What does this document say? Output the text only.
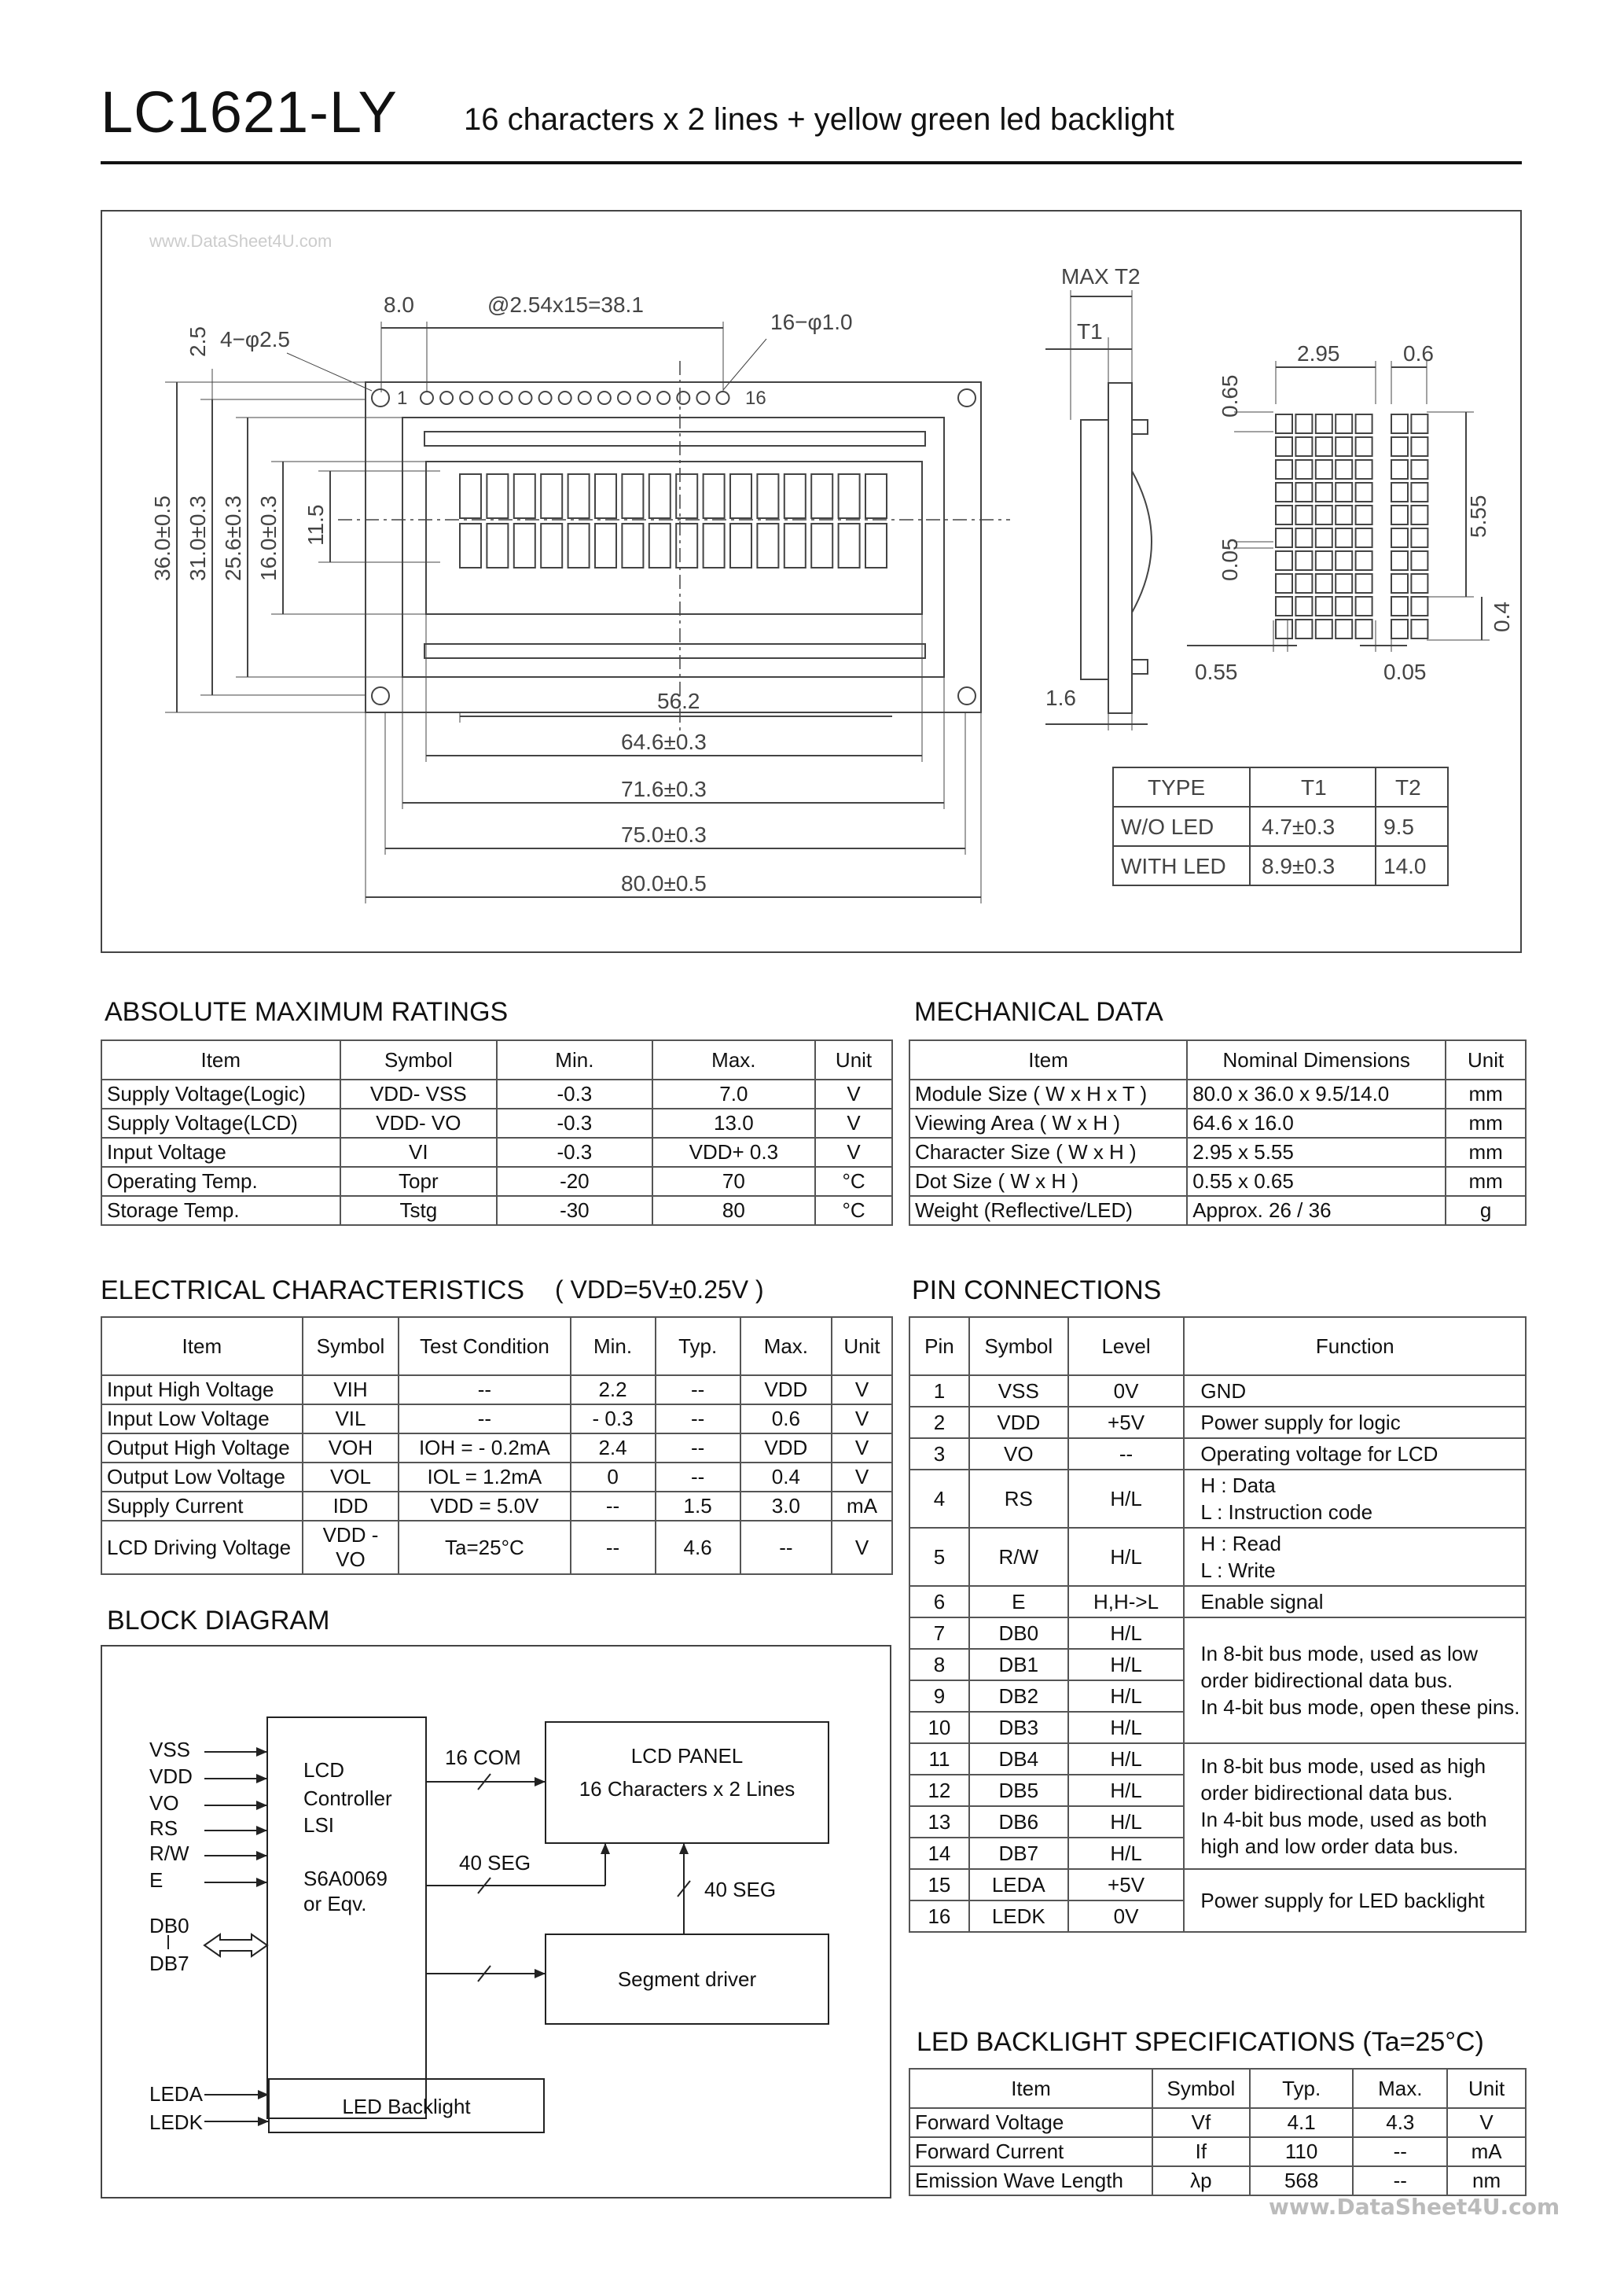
LC1621-LY 16 characters x 2 lines + yellow green led backlight
www.DataSheet4U.com
8.0	@2.54x15=38.1
4−φ2.5
16−φ1.0
1	16
56.2
64.6±0.3
71.6±0.3
75.0±0.3
80.0±0.5
MAX T2
T1
1.6
2.95	0.6
0.55	0.05
TYPE	T1	T2
W/O LED 4.7±0.3 9.5
WITH LED 8.9±0.3 14.0
36.0±0.5 31.0±0.3 25.6±0.3 16.0±0.3 11.5
2.5
0.65
5.55
0.05
0.4
ABSOLUTE MAXIMUM RATINGS
Item	Symbol	Min.	Max.	Unit
Supply Voltage(Logic)	VDD- VSS	-0.3	7.0	V
Supply Voltage(LCD)	VDD- VO	-0.3	13.0	V
Input Voltage	VI	-0.3	VDD+ 0.3	V
Operating Temp.	Topr	-20	70	°C
Storage Temp.	Tstg	-30	80	°C
MECHANICAL DATA
Item	Nominal Dimensions	Unit
Module Size ( W x H x T )	80.0 x 36.0 x 9.5/14.0	mm
Viewing Area ( W x H )	64.6 x 16.0	mm
Character Size ( W x H )	2.95 x 5.55	mm
Dot Size ( W x H )	0.55 x 0.65	mm
Weight (Reflective/LED)	Approx. 26 / 36	g
ELECTRICAL CHARACTERISTICS ( VDD=5V±0.25V )
Item	Symbol	Test Condition	Min.	Typ.	Max.	Unit
Input High Voltage	VIH	--	2.2	--	VDD	V
Input Low Voltage	VIL	--	- 0.3	--	0.6	V
Output High Voltage	VOH	IOH = - 0.2mA	2.4	--	VDD	V
Output Low Voltage	VOL	IOL = 1.2mA	0	--	0.4	V
Supply Current	IDD	VDD = 5.0V	--	1.5	3.0	mA
LCD Driving Voltage	VDD - VO	Ta=25°C	--	4.6	--	V
PIN CONNECTIONS
Pin	Symbol	Level	Function
1	VSS	0V	GND
2	VDD	+5V	Power supply for logic
3	VO	--	Operating voltage for LCD
4	RS	H/L	H : Data
L : Instruction code
5	R/W	H/L	H : Read
L : Write
6	E	H,H->L	Enable signal
7	DB0	H/L	In 8-bit bus mode, used as low order bidirectional data bus.
In 4-bit bus mode, open these pins.
8	DB1	H/L	
9	DB2	H/L	
10	DB3	H/L	
11	DB4	H/L	In 8-bit bus mode, used as high order bidirectional data bus.
In 4-bit bus mode, used as both high and low order data bus.
12	DB5	H/L	
13	DB6	H/L	
14	DB7	H/L	
15	LEDA	+5V	Power supply for LED backlight
16	LEDK	0V	
BLOCK DIAGRAM
VSS
VDD
VO
RS
R/W
E
DB0
DB7
LCD
Controller
LSI
S6A0069
or Eqv.
16 COM
40 SEG
40 SEG
LCD PANEL
16 Characters x 2 Lines
Segment driver
LEDA
LEDK
LED Backlight
LED BACKLIGHT SPECIFICATIONS (Ta=25°C)
Item	Symbol	Typ.	Max.	Unit
Forward Voltage	Vf	4.1	4.3	V
Forward Current	If	110	--	mA
Emission Wave Length	λp	568	--	nm
www.DataSheet4U.com
